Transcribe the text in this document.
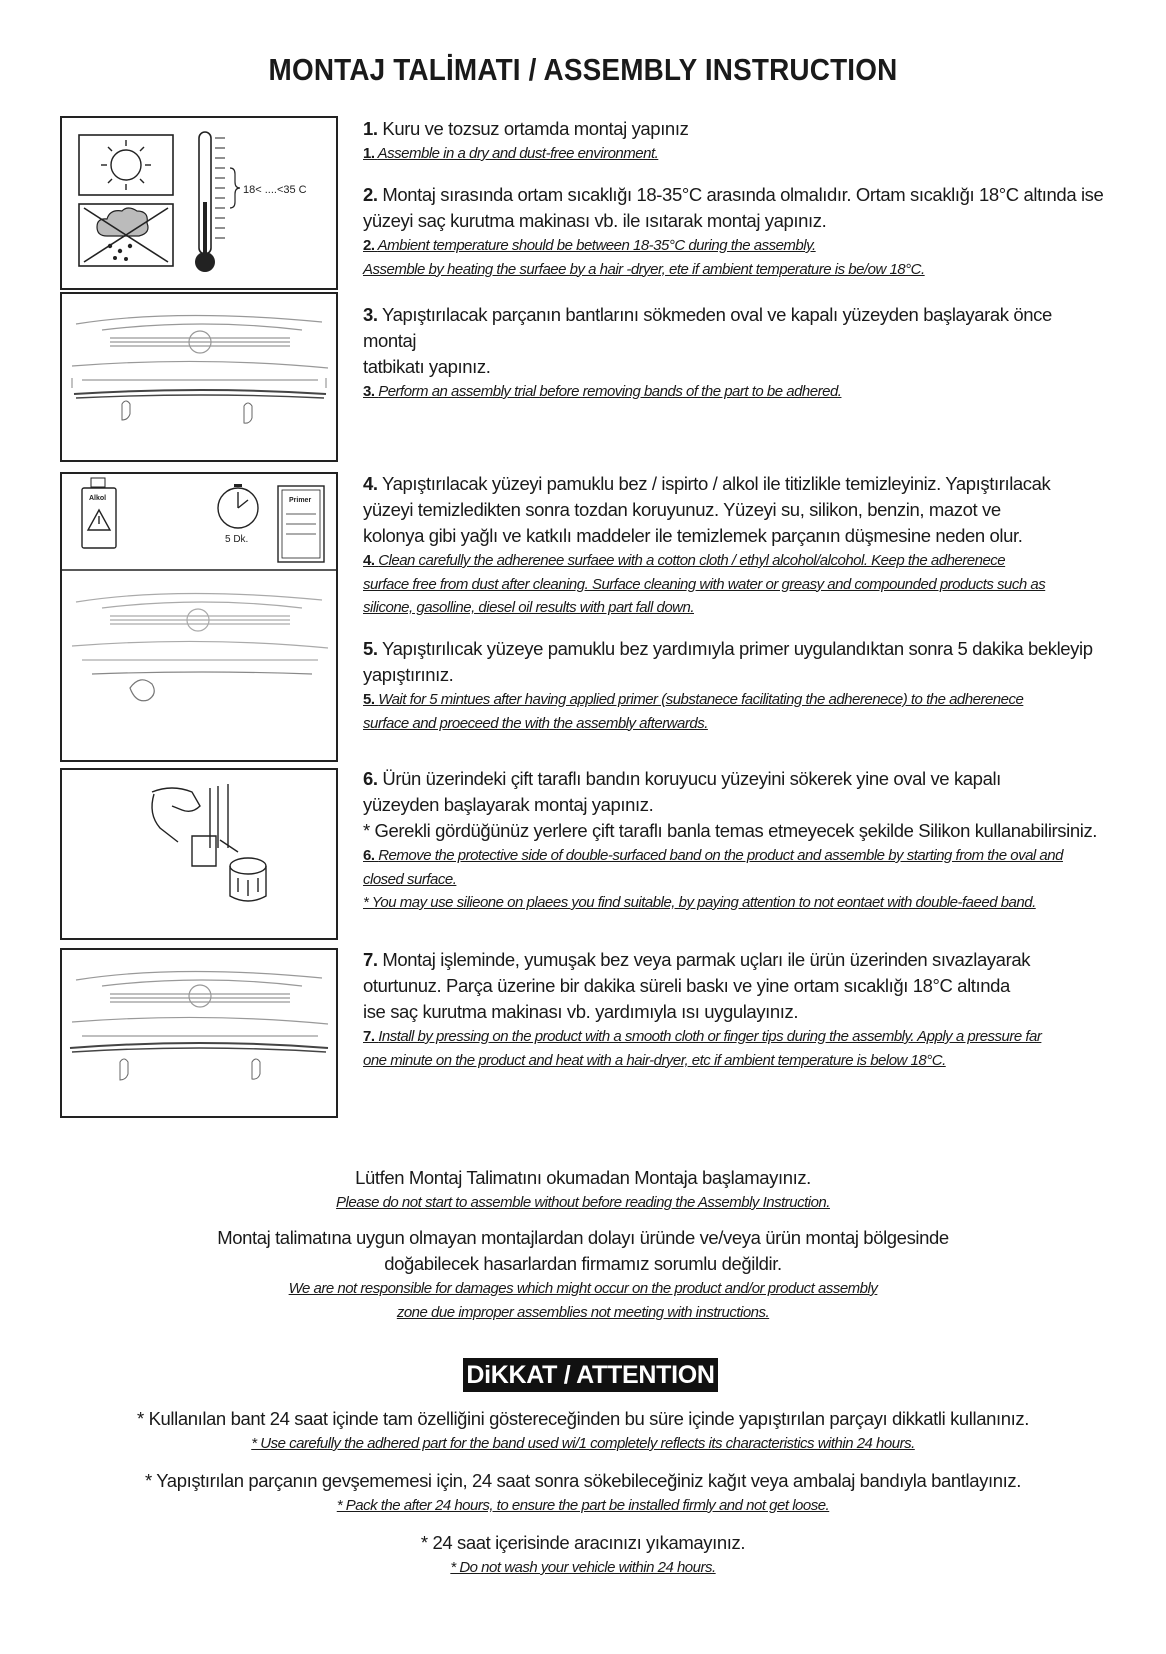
MONTAJ TALİMATI / ASSEMBLY INSTRUCTION
18< ....<35 C
Alkol
5 Dk.
Primer
1. Kuru ve tozsuz ortamda montaj yapınız
1. Assemble in a dry and dust-free environment.
2. Montaj sırasında ortam sıcaklığı 18-35°C arasında olmalıdır. Ortam sıcaklığı 18°C altında ise
yüzeyi saç kurutma makinası vb. ile ısıtarak montaj yapınız.
2. Ambient temperature should be between 18-35°C during the assembly.
Assemble by heating the surfaee by a hair -dryer, ete if ambient temperature is be/ow 18°C.
3. Yapıştırılacak parçanın bantlarını sökmeden oval ve kapalı yüzeyden başlayarak önce montaj
tatbikatı yapınız.
3. Perform an assembly trial before removing bands of the part to be adhered.
4. Yapıştırılacak yüzeyi pamuklu bez / ispirto / alkol ile titizlikle temizleyiniz. Yapıştırılacak
yüzeyi temizledikten sonra tozdan koruyunuz. Yüzeyi su, silikon, benzin, mazot ve
kolonya gibi yağlı ve katkılı maddeler ile temizlemek parçanın düşmesine neden olur.
4. Clean carefully the adherenee surfaee with a cotton cloth / ethyl alcohol/alcohol. Keep the adherenece
surface free from dust after cleaning. Surface cleaning with water or greasy and compounded products such as
silicone, gasolline, diesel oil results with part fall down.
5. Yapıştırılıcak yüzeye pamuklu bez yardımıyla primer uygulandıktan sonra 5 dakika bekleyip
yapıştırınız.
5. Wait for 5 mintues after having applied primer (substanece facilitating the adherenece) to the adherenece
surface and proeceed the with the assembly afterwards.
6. Ürün üzerindeki çift taraflı bandın koruyucu yüzeyini sökerek yine oval ve kapalı
yüzeyden başlayarak montaj yapınız.
* Gerekli gördüğünüz yerlere çift taraflı banla temas etmeyecek şekilde Silikon kullanabilirsiniz.
6. Remove the protective side of double-surfaced band on the product and assemble by starting from the oval and
closed surface.
* You may use silieone on plaees you find suitable, by paying attention to not eontaet with double-faeed band.
7. Montaj işleminde, yumuşak bez veya parmak uçları ile ürün üzerinden sıvazlayarak
oturtunuz. Parça üzerine bir dakika süreli baskı ve yine ortam sıcaklığı 18°C altında
ise saç kurutma makinası vb. yardımıyla ısı uygulayınız.
7. Install by pressing on the product with a smooth cloth or finger tips during the assembly. Apply a pressure far
one minute on the product and heat with a hair-dryer, etc if ambient temperature is below 18°C.
Lütfen Montaj Talimatını okumadan Montaja başlamayınız.
Please do not start to assemble without before reading the Assembly Instruction.
Montaj talimatına uygun olmayan montajlardan dolayı üründe ve/veya ürün montaj bölgesinde
doğabilecek hasarlardan firmamız sorumlu değildir.
We are not responsible for damages which might occur on the product and/or product assembly
zone due improper assemblies not meeting with instructions.
DiKKAT / ATTENTION
* Kullanılan bant 24 saat içinde tam özelliğini göstereceğinden bu süre içinde yapıştırılan parçayı dikkatli kullanınız.
* Use carefully the adhered part for the band used wi/1 completely reflects its characteristics within 24 hours.
* Yapıştırılan parçanın gevşememesi için, 24 saat sonra sökebileceğiniz kağıt veya ambalaj bandıyla bantlayınız.
* Pack the after 24 hours, to ensure the part be installed firmly and not get loose.
* 24 saat içerisinde aracınızı yıkamayınız.
* Do not wash your vehicle within 24 hours.
